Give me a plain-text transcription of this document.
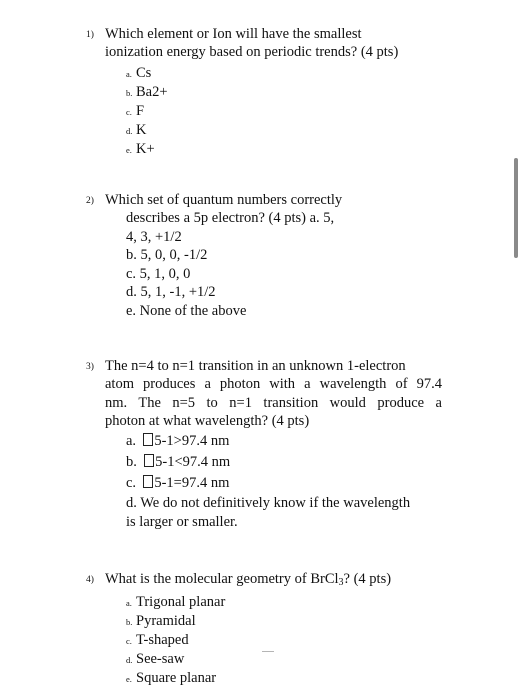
1) Which element or Ion will have the smallest
ionization energy based on periodic trends? (4 pts)
a. Cs
b. Ba2+
c. F
d. K
e. K+
2) Which set of quantum numbers correctly
describes a 5p electron? (4 pts) a. 5,
4, 3, +1/2
b. 5, 0, 0, -1/2
c. 5, 1, 0, 0
d. 5, 1, -1, +1/2
e. None of the above
3) The n=4 to n=1 transition in an unknown 1-electron
atom produces a photon with a wavelength of 97.4
nm. The n=5 to n=1 transition would produce a
photon at what wavelength? (4 pts)
a. 5-1>97.4 nm
b. 5-1<97.4 nm
c. 5-1=97.4 nm
d. We do not definitively know if the wavelength
is larger or smaller.
4) What is the molecular geometry of BrCl$_3$? (4 pts)
a. Trigonal planar
b. Pyramidal
c. T-shaped
d. See-saw
e. Square planar
